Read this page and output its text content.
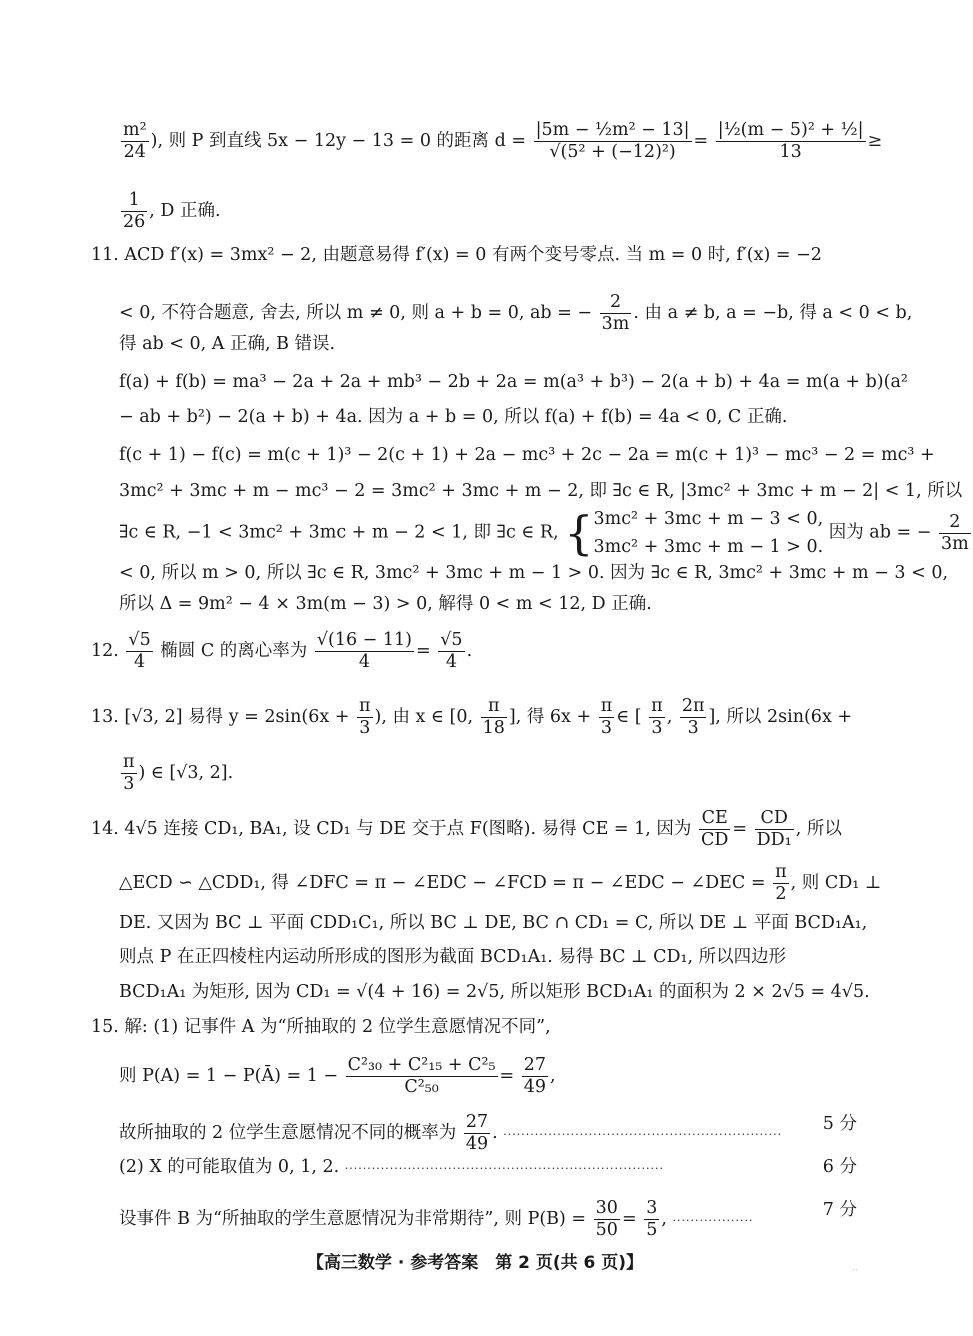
$\frac{\text{m²}}{24}$ ), 则 P 到直线 5x − 12y − 13 = 0 的距离 $d = \frac{\text{|5m − ½m² − 13|}}{\text{√(5² + (−12)²)}} = \frac{\text{|½(m − 5)² + ½|}}{13}$ ≥
$\frac{1}{26}$ , D 正确.
11. ACD f′(x) = 3mx² − 2, 由题意易得 f′(x) = 0 有两个变号零点. 当 m = 0 时, f′(x) = −2
< 0, 不符合题意, 舍去, 所以 m ≠ 0, 则 a + b = 0, ab = − $\frac{2}{3m}$ . 由 a ≠ b, a = −b, 得 a < 0 < b,
得 ab < 0, A 正确, B 错误.
f(a) + f(b) = ma³ − 2a + 2a + mb³ − 2b + 2a = m(a³ + b³) − 2(a + b) + 4a = m(a + b)(a²
− ab + b²) − 2(a + b) + 4a. 因为 a + b = 0, 所以 f(a) + f(b) = 4a < 0, C 正确.
f(c + 1) − f(c) = m(c + 1)³ − 2(c + 1) + 2a − mc³ + 2c − 2a = m(c + 1)³ − mc³ − 2 = mc³ +
3mc² + 3mc + m − mc³ − 2 = 3mc² + 3mc + m − 2, 即 ∃c ∈ R, |3mc² + 3mc + m − 2| < 1, 所以
∃c ∈ R, −1 < 3mc² + 3mc + m − 2 < 1, 即 ∃c ∈ R, { 3mc² + 3mc + m − 3 < 0,
3mc² + 3mc + m − 1 > 0.
因为 ab = − $\frac{2}{3m}$
< 0, 所以 m > 0, 所以 ∃c ∈ R, 3mc² + 3mc + m − 1 > 0. 因为 ∃c ∈ R, 3mc² + 3mc + m − 3 < 0,
所以 Δ = 9m² − 4 × 3m(m − 3) > 0, 解得 0 < m < 12, D 正确.
12. $\frac{√5}{4}$ 椭圆 C 的离心率为 $\frac{√(16 - 11)}{4} = \frac{√5}{4}$ .
13. [√3, 2] 易得 $y = 2\sin(6x + \frac{\pi}{3}$ ), 由 x ∈ [0, $\frac{\pi}{18}$ ], 得 $6x + \frac{\pi}{3}$ ∈ [ $\frac{\pi}{3}$ , $\frac{2\pi}{3}$ ], 所以 2sin(6x +
$\frac{\pi}{3}$ ) ∈ [√3, 2].
14. 4√5 连接 CD₁, BA₁, 设 CD₁ 与 DE 交于点 F(图略). 易得 CE = 1, 因为 $\frac{CE}{CD} = \frac{CD}{\text{DD₁}}$ , 所以
△ECD ∽ △CDD₁, 得 ∠DFC = π − ∠EDC − ∠FCD = π − ∠EDC − ∠DEC = $\frac{\pi}{2}$ , 则 CD₁ ⊥
DE. 又因为 BC ⊥ 平面 CDD₁C₁, 所以 BC ⊥ DE, BC ∩ CD₁ = C, 所以 DE ⊥ 平面 BCD₁A₁,
则点 P 在正四棱柱内运动所形成的图形为截面 BCD₁A₁. 易得 BC ⊥ CD₁, 所以四边形
BCD₁A₁ 为矩形, 因为 CD₁ = √(4 + 16) = 2√5, 所以矩形 BCD₁A₁ 的面积为 2 × 2√5 = 4√5.
15. 解: (1) 记事件 A 为“所抽取的 2 位学生意愿情况不同”,
则 P(A) = 1 − P(Ā) = $1 - \frac{\text{C²₃₀ + C²₁₅ + C²₅}}{\text{C²₅₀}} = \frac{27}{49}$ ,
故所抽取的 2 位学生意愿情况不同的概率为 $\frac{27}{49}$ . ······························································
5 分
(2) X 的可能取值为 0, 1, 2. ·······································································	6 分
设事件 B 为“所抽取的学生意愿情况为非常期待”, 则 $P(B) = \frac{30}{50} = \frac{3}{5}$ , ··················
7 分
【高三数学 · 参考答案　第 2 页(共 6 页)】	··
